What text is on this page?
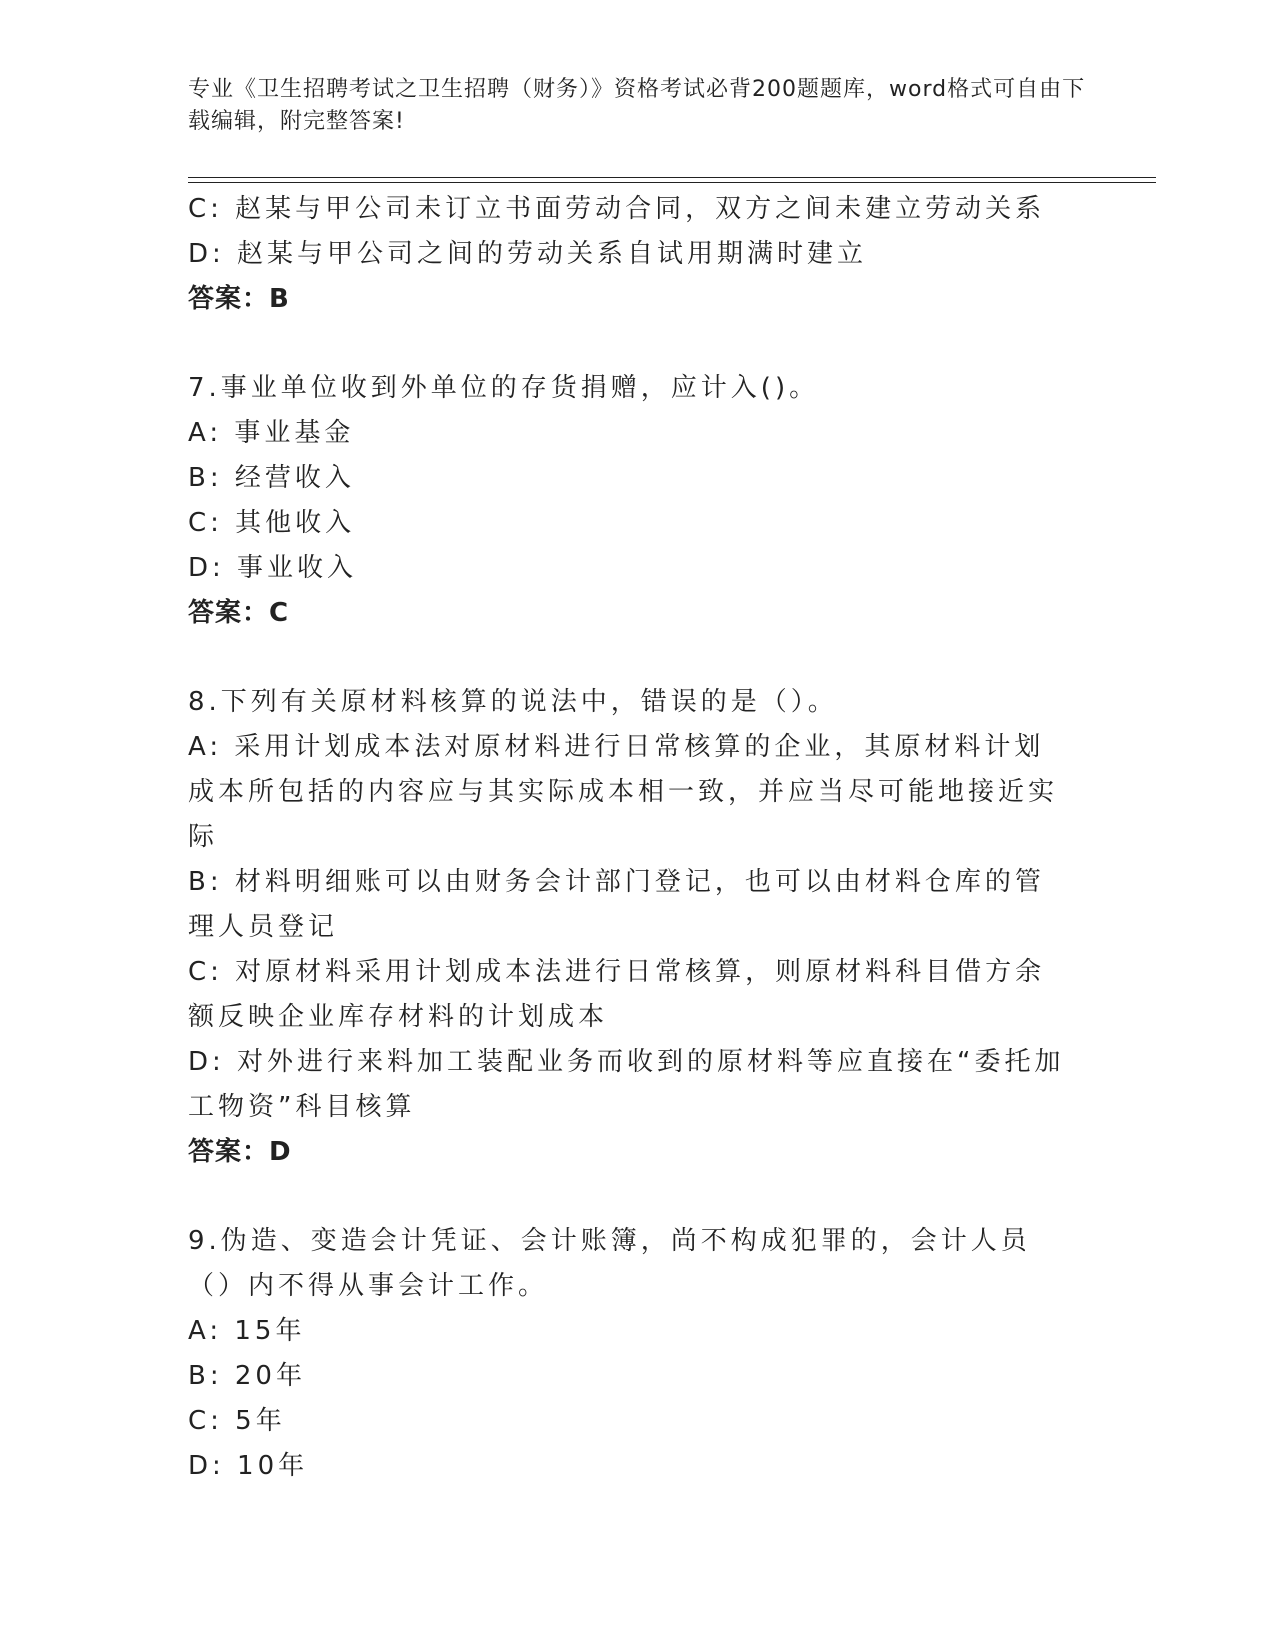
专业《卫生招聘考试之卫生招聘（财务）》资格考试必背200题题库，word格式可自由下载编辑，附完整答案!
C: 赵某与甲公司未订立书面劳动合同，双方之间未建立劳动关系
D: 赵某与甲公司之间的劳动关系自试用期满时建立
答案：B
7.事业单位收到外单位的存货捐赠，应计入()。
A: 事业基金
B: 经营收入
C: 其他收入
D: 事业收入
答案：C
8.下列有关原材料核算的说法中，错误的是（）。
A: 采用计划成本法对原材料进行日常核算的企业，其原材料计划成本所包括的内容应与其实际成本相一致，并应当尽可能地接近实际
B: 材料明细账可以由财务会计部门登记，也可以由材料仓库的管理人员登记
C: 对原材料采用计划成本法进行日常核算，则原材料科目借方余额反映企业库存材料的计划成本
D: 对外进行来料加工装配业务而收到的原材料等应直接在“委托加工物资”科目核算
答案：D
9.伪造、变造会计凭证、会计账簿，尚不构成犯罪的，会计人员（）内不得从事会计工作。
A: 15年
B: 20年
C: 5年
D: 10年
